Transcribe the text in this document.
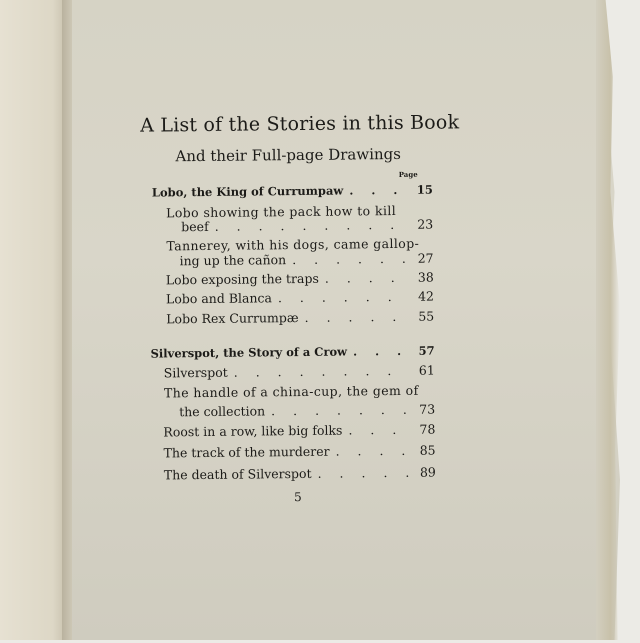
A List of the Stories in this Book
And their Full-page Drawings
Page
Lobo, the King of Currumpaw . . .	15
Lobo showing the pack how to kill
beef . . .	23
Tannerey, with his dogs, came gallop-
ing up the cañon . . .	27
Lobo exposing the traps . . .	38
Lobo and Blanca . . .	42
Lobo Rex Currumpæ . . .	55
Silverspot, the Story of a Crow . . .	57
Silverspot . . .	61
The handle of a china-cup, the gem of
the collection . . .	73
Roost in a row, like big folks . . .	78
The track of the murderer . . .	85
The death of Silverspot . . .	89
5
